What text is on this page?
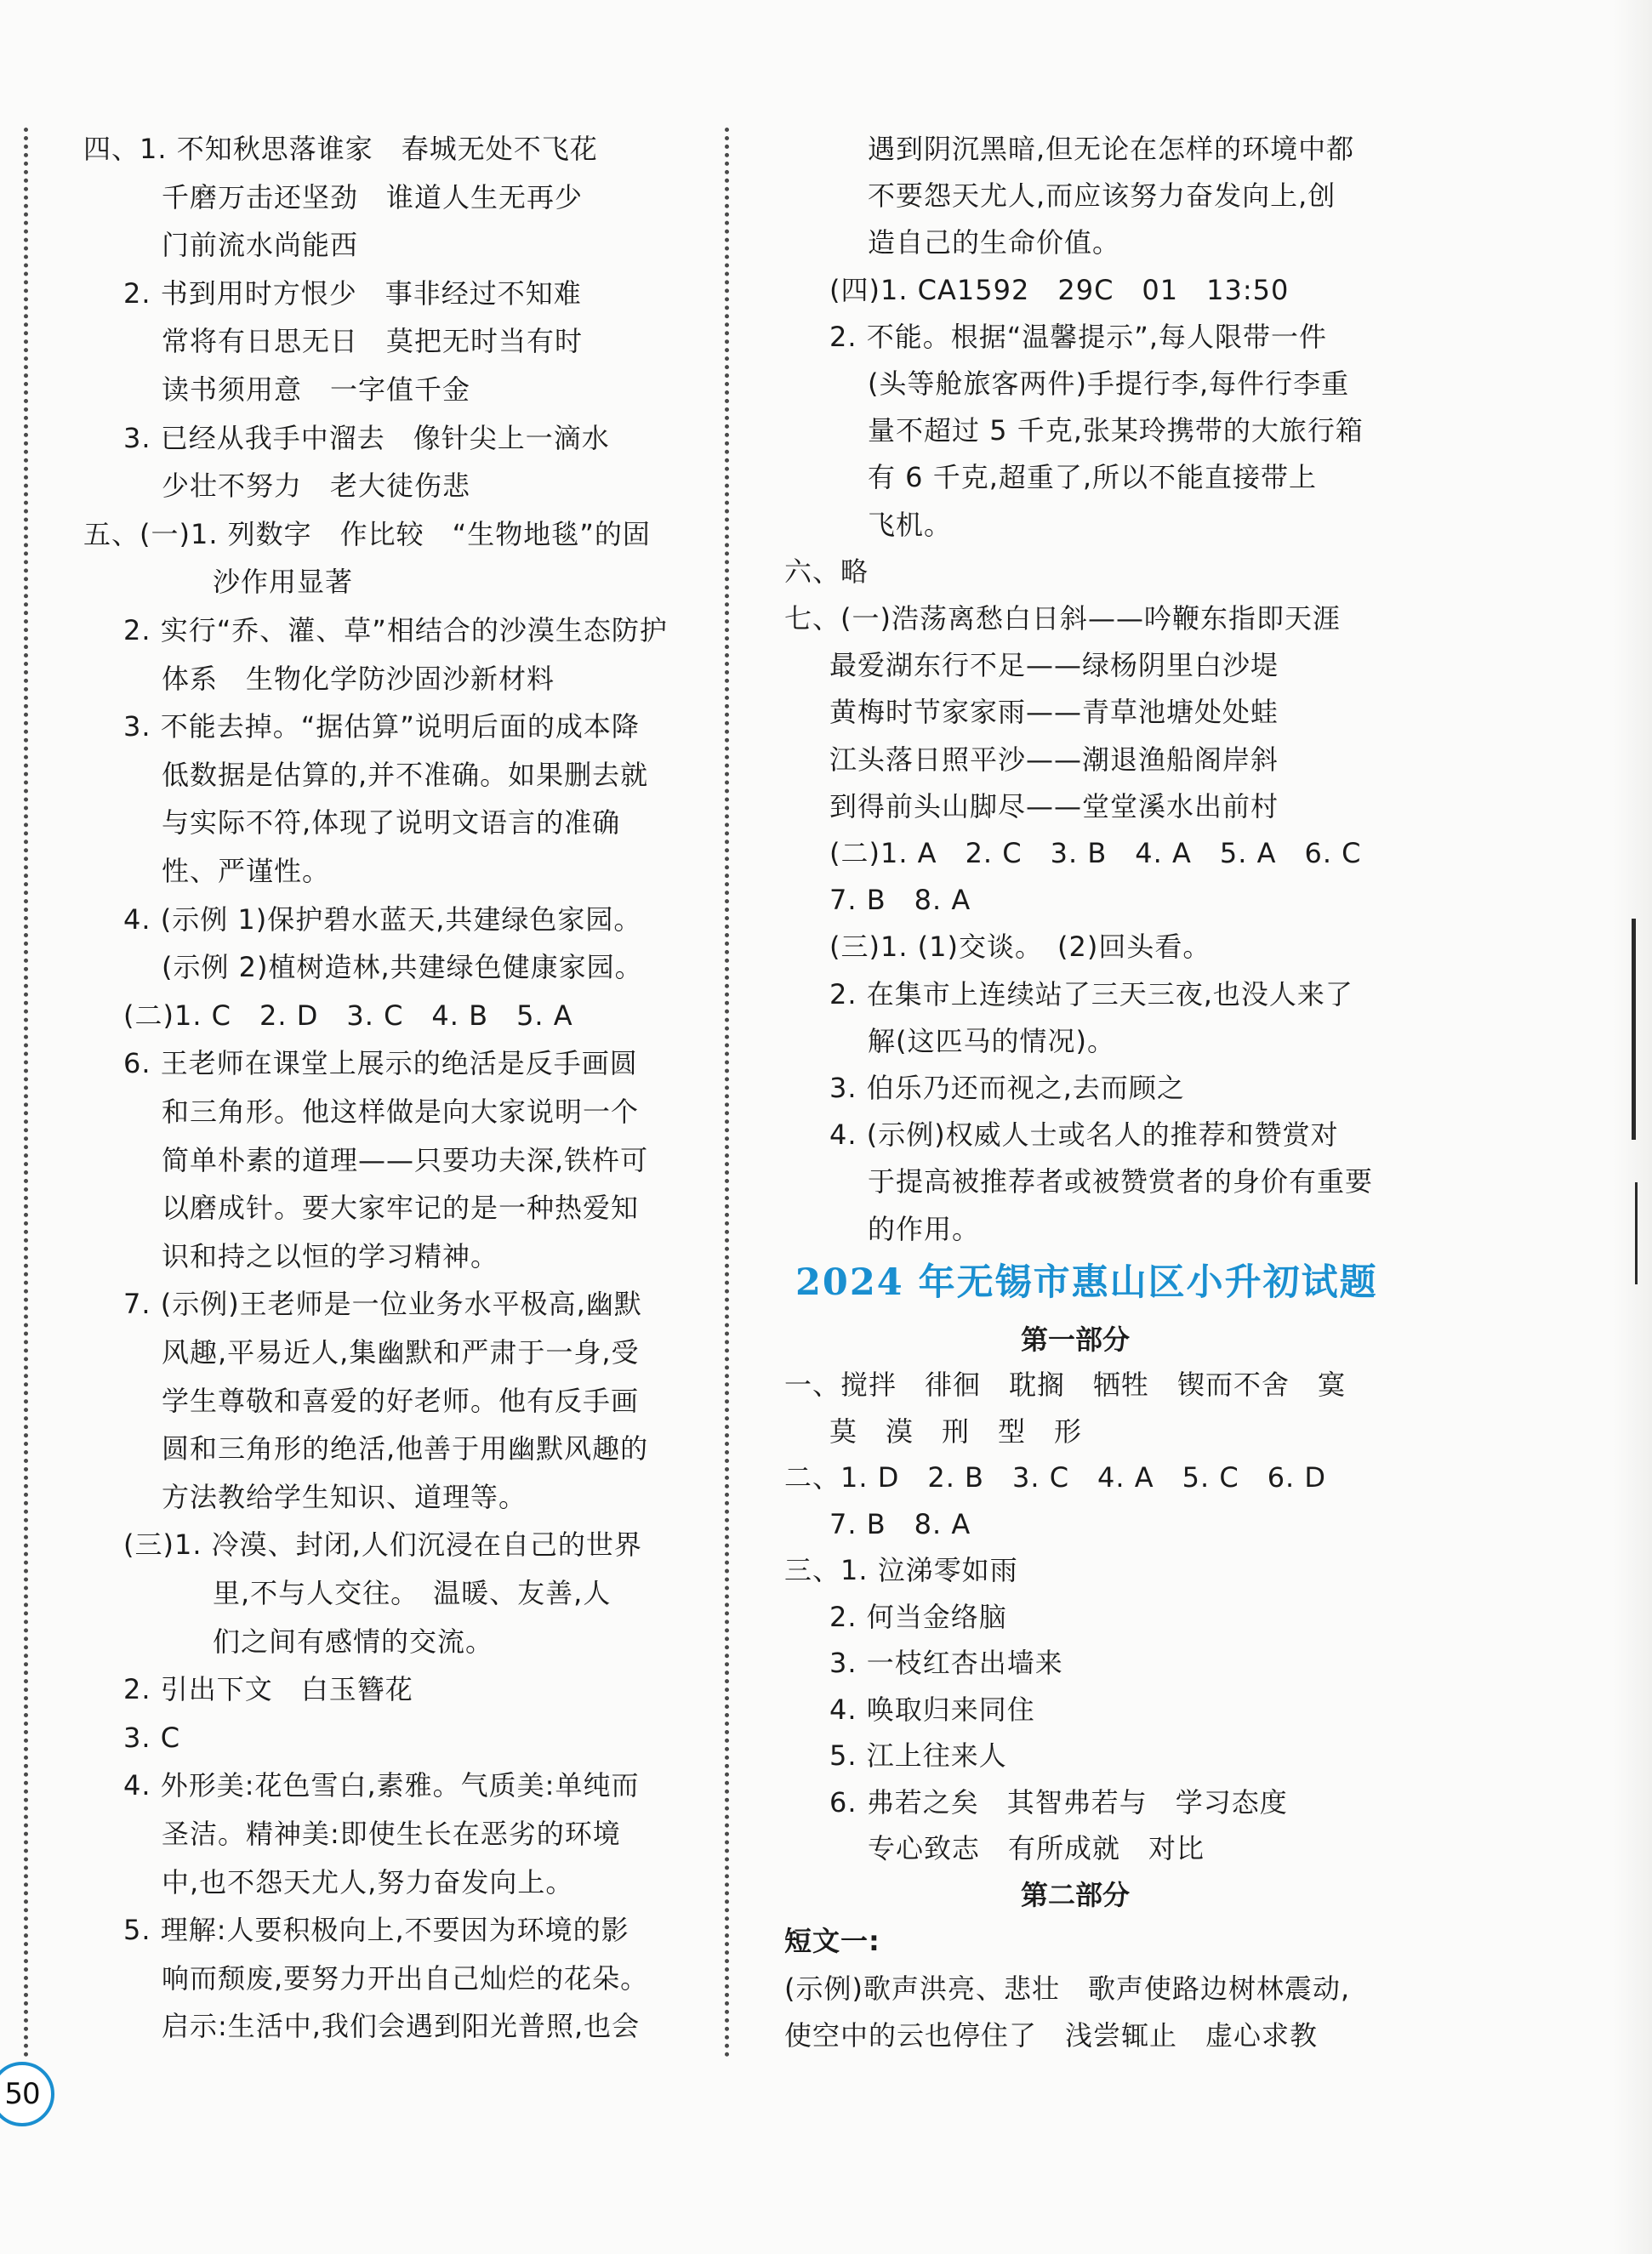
四、1. 不知秋思落谁家　春城无处不飞花
千磨万击还坚劲　谁道人生无再少
门前流水尚能西
2. 书到用时方恨少　事非经过不知难
常将有日思无日　莫把无时当有时
读书须用意　一字值千金
3. 已经从我手中溜去　像针尖上一滴水
少壮不努力　老大徒伤悲
五、(一)1. 列数字　作比较　“生物地毯”的固
沙作用显著
2. 实行“乔、灌、草”相结合的沙漠生态防护
体系　生物化学防沙固沙新材料
3. 不能去掉。“据估算”说明后面的成本降
低数据是估算的,并不准确。如果删去就
与实际不符,体现了说明文语言的准确
性、严谨性。
4. (示例 1)保护碧水蓝天,共建绿色家园。
(示例 2)植树造林,共建绿色健康家园。
(二)1. C　2. D　3. C　4. B　5. A
6. 王老师在课堂上展示的绝活是反手画圆
和三角形。他这样做是向大家说明一个
简单朴素的道理——只要功夫深,铁杵可
以磨成针。要大家牢记的是一种热爱知
识和持之以恒的学习精神。
7. (示例)王老师是一位业务水平极高,幽默
风趣,平易近人,集幽默和严肃于一身,受
学生尊敬和喜爱的好老师。他有反手画
圆和三角形的绝活,他善于用幽默风趣的
方法教给学生知识、道理等。
(三)1. 冷漠、封闭,人们沉浸在自己的世界
里,不与人交往。　温暖、友善,人
们之间有感情的交流。
2. 引出下文　白玉簪花
3. C
4. 外形美:花色雪白,素雅。气质美:单纯而
圣洁。精神美:即使生长在恶劣的环境
中,也不怨天尤人,努力奋发向上。
5. 理解:人要积极向上,不要因为环境的影
响而颓废,要努力开出自己灿烂的花朵。
启示:生活中,我们会遇到阳光普照,也会
遇到阴沉黑暗,但无论在怎样的环境中都
不要怨天尤人,而应该努力奋发向上,创
造自己的生命价值。
(四)1. CA1592　29C　01　13:50
2. 不能。根据“温馨提示”,每人限带一件
(头等舱旅客两件)手提行李,每件行李重
量不超过 5 千克,张某玲携带的大旅行箱
有 6 千克,超重了,所以不能直接带上
飞机。
六、略
七、(一)浩荡离愁白日斜——吟鞭东指即天涯
最爱湖东行不足——绿杨阴里白沙堤
黄梅时节家家雨——青草池塘处处蛙
江头落日照平沙——潮退渔船阁岸斜
到得前头山脚尽——堂堂溪水出前村
(二)1. A　2. C　3. B　4. A　5. A　6. C
7. B　8. A
(三)1. (1)交谈。　(2)回头看。
2. 在集市上连续站了三天三夜,也没人来了
解(这匹马的情况)。
3. 伯乐乃还而视之,去而顾之
4. (示例)权威人士或名人的推荐和赞赏对
于提高被推荐者或被赞赏者的身价有重要
的作用。
一、搅拌　徘徊　耽搁　牺牲　锲而不舍　寞
莫　漠　刑　型　形
二、1. D　2. B　3. C　4. A　5. C　6. D
7. B　8. A
三、1. 泣涕零如雨
2. 何当金络脑
3. 一枝红杏出墙来
4. 唤取归来同住
5. 江上往来人
6. 弗若之矣　其智弗若与　学习态度
专心致志　有所成就　对比
(示例)歌声洪亮、悲壮　歌声使路边树林震动,
使空中的云也停住了　浅尝辄止　虚心求教
2024 年无锡市惠山区小升初试题
第一部分
第二部分
短文一:
50
